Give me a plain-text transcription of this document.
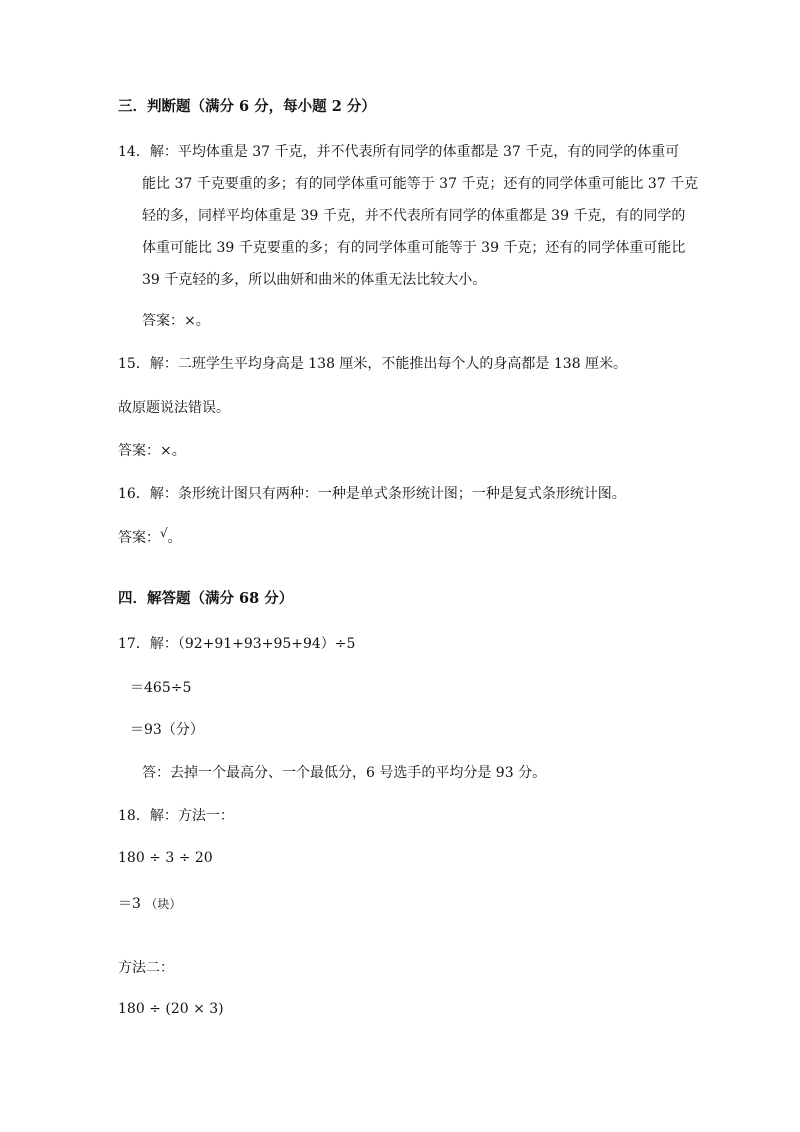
三．判断题（满分 6 分，每小题 2 分）
14．解：平均体重是 37 千克，并不代表所有同学的体重都是 37 千克，有的同学的体重可
能比 37 千克要重的多；有的同学体重可能等于 37 千克；还有的同学体重可能比 37 千克
轻的多，同样平均体重是 39 千克，并不代表所有同学的体重都是 39 千克，有的同学的
体重可能比 39 千克要重的多；有的同学体重可能等于 39 千克；还有的同学体重可能比
39 千克轻的多，所以曲妍和曲米的体重无法比较大小。
答案：×。
15．解：二班学生平均身高是 138 厘米，不能推出每个人的身高都是 138 厘米。
故原题说法错误。
答案：×。
16．解：条形统计图只有两种：一种是单式条形统计图；一种是复式条形统计图。
答案：√。
四．解答题（满分 68 分）
17．解：（92+91+93+95+94）÷5
＝465÷5
＝93（分）
答：去掉一个最高分、一个最低分，6 号选手的平均分是 93 分。
18．解：方法一：
180 ÷ 3 ÷ 20
＝3 （块）
方法二：
180 ÷ (20 × 3)
